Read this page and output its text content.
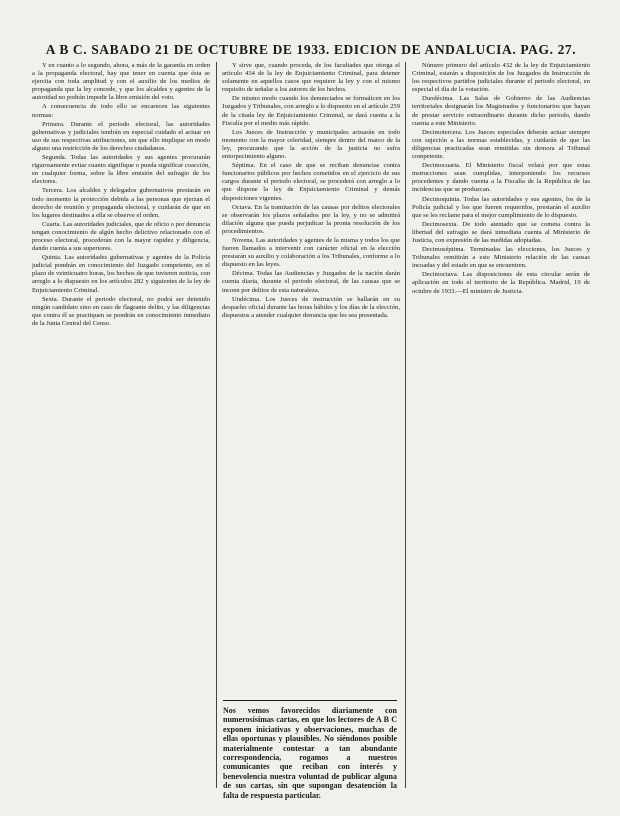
A B C. SABADO 21 DE OCTUBRE DE 1933. EDICION DE ANDALUCIA. PAG. 27.

Y en cuanto a lo segundo, ahora, a más de la garantía en orden a la propaganda electoral, hay que tener en cuenta que ésta se ejercita con toda amplitud y con el auxilio de los medios de propaganda que la ley concede, y que los alcaldes y agentes de la autoridad no podrán impedir la libre emisión del voto.

A consecuencia de todo ello se encarecen las siguientes normas:

Primera. Durante el periodo electoral, las autoridades gubernativas y judiciales tendrán en especial cuidado el actuar en uso de sus respectivas atribuciones, sin que ello implique en modo alguno una restricción de los derechos ciudadanos.

Segunda. Todas las autoridades y sus agentes procurarán rigurosamente evitar cuanto signifique o pueda significar coacción, en cualquier forma, sobre la libre emisión del sufragio de los electores.

Tercera. Los alcaldes y delegados gubernativos prestarán en todo momento la protección debida a las personas que ejerzan el derecho de reunión y propaganda electoral, y cuidarán de que en los lugares destinados a ella se observe el orden.

Cuarta. Las autoridades judiciales, que de oficio o por denuncia tengan conocimiento de algún hecho delictivo relacionado con el proceso electoral, procederán con la mayor rapidez y diligencia, dando cuenta a sus superiores.

Quinta. Las autoridades gubernativas y agentes de la Policía judicial pondrán en conocimiento del Juzgado competente, en el plazo de veinticuatro horas, los hechos de que tuvieren noticia, con arreglo a lo dispuesto en los artículos 282 y siguientes de la ley de Enjuiciamiento Criminal.

Sexta. Durante el periodo electoral, no podrá ser detenido ningún candidato sino en caso de flagrante delito, y las diligencias que contra él se practiquen se pondrán en conocimiento inmediato de la Junta Central del Censo.

Y sirve que, cuando proceda, de los facultades que otorga el artículo 434 de la ley de Enjuiciamiento Criminal, para detener solamente en aquellos casos que requiere la ley y con el mismo requisito de señalar a los autores de los hechos.

De mismo modo cuando los denunciados se formalicen en los Juzgados y Tribunales, con arreglo a lo dispuesto en el artículo 259 de la citada ley de Enjuiciamiento Criminal, se dará cuenta a la Fiscalía por el medio más rápido.

Los Jueces de Instrucción y municipales actuarán en todo momento con la mayor celeridad, siempre dentro del marco de la ley, procurando que la acción de la justicia no sufra entorpecimiento alguno.

Séptima. En el caso de que se reciban denuncias contra funcionarios públicos por hechos cometidos en el ejercicio de sus cargos durante el periodo electoral, se procederá con arreglo a lo que dispone la ley de Enjuiciamiento Criminal y demás disposiciones vigentes.

Octava. En la tramitación de las causas por delitos electorales se observarán los plazos señalados por la ley, y no se admitirá dilación alguna que pueda perjudicar la pronta resolución de los procedimientos.

Novena. Las autoridades y agentes de la misma y todos los que fueren llamados a intervenir con carácter oficial en la elección prestarán su auxilio y colaboración a los Tribunales, conforme a lo dispuesto en las leyes.

Décima. Todas las Audiencias y Juzgados de la nación darán cuenta diaria, durante el periodo electoral, de las causas que se incoen por delitos de esta naturaleza.

Undécima. Los Jueces de instrucción se hallarán en su despacho oficial durante las horas hábiles y los días de la elección, dispuestos a atender cualquier denuncia que les sea presentada.

Nos vemos favorecidos diariamente con numerosísimas cartas, en que los lectores de A B C exponen iniciativas y observaciones, muchas de ellas oportunas y plausibles. No siéndonos posible materialmente contestar a tan abundante correspondencia, rogamos a nuestros comunicantes que reciban con interés y benevolencia nuestra voluntad de publicar alguna de sus cartas, sin que supongan desatención la falta de respuesta particular.

Número primero del artículo 432 de la ley de Enjuiciamiento Criminal, estarán a disposición de los Juzgados de Instrucción de los respectivos partidos judiciales durante el periodo electoral, en especial el día de la votación.

Duodécima. Las Salas de Gobierno de las Audiencias territoriales designarán los Magistrados y funcionarios que hayan de prestar servicio extraordinario durante dicho periodo, dando cuenta a este Ministerio.

Decimotercera. Los Jueces especiales deberán actuar siempre con sujeción a las normas establecidas, y cuidarán de que las diligencias practicadas sean remitidas sin demora al Tribunal competente.

Decimocuarta. El Ministerio fiscal velará por que estas instrucciones sean cumplidas, interponiendo los recursos procedentes y dando cuenta a la Fiscalía de la República de las incidencias que se produzcan.

Decimoquinta. Todas las autoridades y sus agentes, los de la Policía judicial y los que fueren requeridos, prestarán el auxilio que se les reclame para el mejor cumplimiento de lo dispuesto.

Decimosexta. De todo atentado que se cometa contra la libertad del sufragio se dará inmediata cuenta al Ministerio de Justicia, con expresión de las medidas adoptadas.

Decimoséptima. Terminadas las elecciones, los Jueces y Tribunales remitirán a este Ministerio relación de las causas incoadas y del estado en que se encuentren.

Decimoctava. Las disposiciones de esta circular serán de aplicación en todo el territorio de la República. Madrid, 19 de octubre de 1933.—El ministro de Justicia.
